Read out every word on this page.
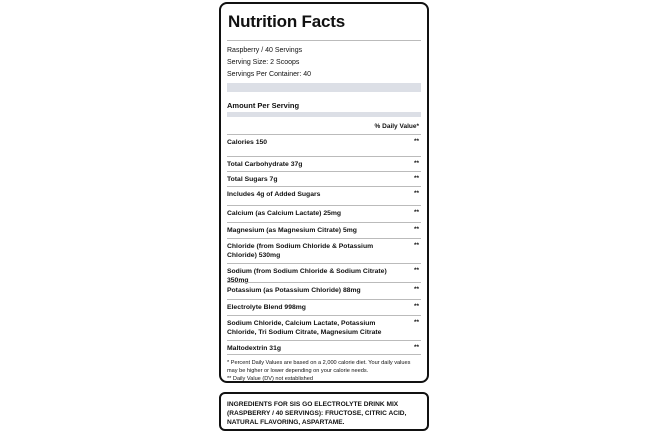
Nutrition Facts
Raspberry / 40 Servings
Serving Size: 2 Scoops
Servings Per Container: 40
Amount Per Serving
% Daily Value*
Calories 150	**
Total Carbohydrate 37g	**
Total Sugars 7g	**
Includes 4g of Added Sugars	**
Calcium (as Calcium Lactate) 25mg	**
Magnesium (as Magnesium Citrate) 5mg	**
Chloride (from Sodium Chloride & Potassium Chloride) 530mg
**
Sodium (from Sodium Chloride & Sodium Citrate) 350mg
**
Potassium (as Potassium Chloride) 88mg	**
Electrolyte Blend 998mg	**
Sodium Chloride, Calcium Lactate, Potassium Chloride, Tri Sodium Citrate, Magnesium Citrate
**
Maltodextrin 31g	**
* Percent Daily Values are based on a 2,000 calorie diet. Your daily values may be higher or lower depending on your calorie needs.
** Daily Value (DV) not established
INGREDIENTS FOR SIS GO ELECTROLYTE DRINK MIX (RASPBERRY / 40 SERVINGS): FRUCTOSE, CITRIC ACID, NATURAL FLAVORING, ASPARTAME.
